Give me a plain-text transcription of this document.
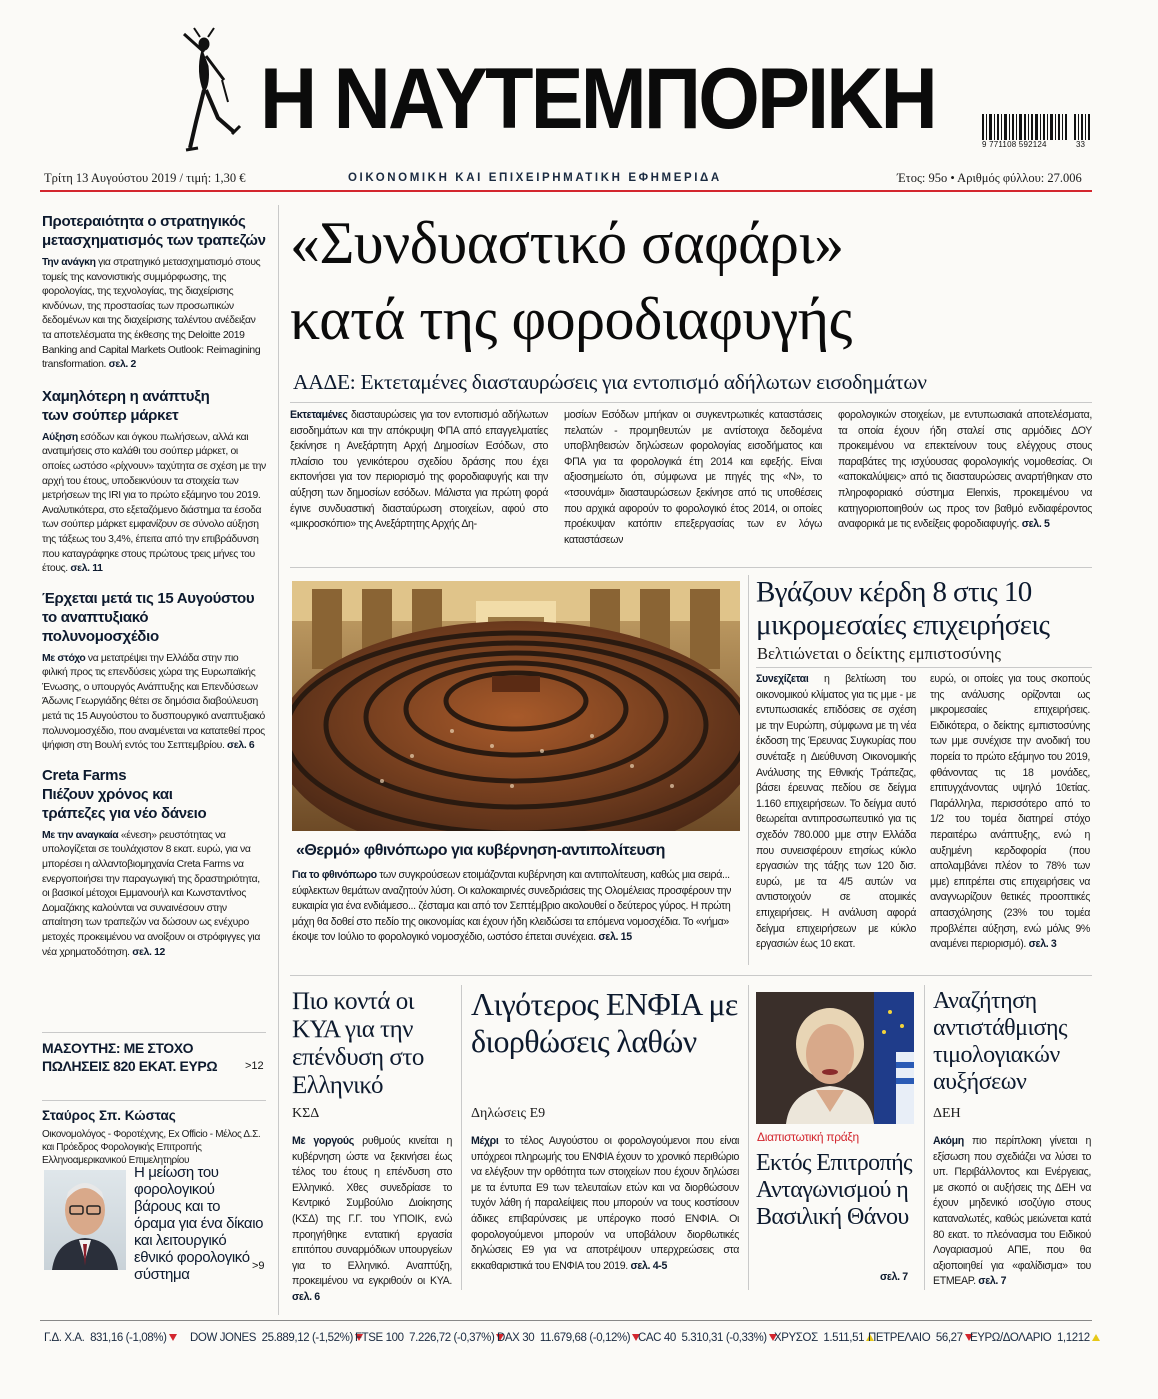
Η ΝΑΥΤΕΜΠΟΡΙΚΗ	9 771108 592124	33
Τρίτη 13 Αυγούστου 2019 / τιμή: 1,30 €	ΟΙΚΟΝΟΜΙΚΗ ΚΑΙ ΕΠΙΧΕΙΡΗΜΑΤΙΚΗ ΕΦΗΜΕΡΙΔΑ	Έτος: 95ο • Αριθμός φύλλου: 27.006
Προτεραιότητα ο στρατηγικός μετασχηματισμός των τραπεζών
Την ανάγκη για στρατηγικό μετασχηματισμό στους τομείς της κανονιστικής συμμόρφωσης, της φορολογίας, της τεχνολογίας, της διαχείρισης κινδύνων, της προστασίας των προσωπικών δεδομένων και της διαχείρισης ταλέντου ανέδειξαν τα αποτελέσματα της έκθεσης της Deloitte 2019 Banking and Capital Markets Outlook: Reimagining transformation. σελ. 2
Χαμηλότερη η ανάπτυξη των σούπερ μάρκετ
Αύξηση εσόδων και όγκου πωλήσεων, αλλά και ανατιμήσεις στο καλάθι του σούπερ μάρκετ, οι οποίες ωστόσο «ρίχνουν» ταχύτητα σε σχέση με την αρχή του έτους, υποδεικνύουν τα στοιχεία των μετρήσεων της IRI για το πρώτο εξάμηνο του 2019. Αναλυτικότερα, στο εξεταζόμενο διάστημα τα έσοδα των σούπερ μάρκετ εμφανίζουν σε σύνολο αύξηση της τάξεως του 3,4%, έπειτα από την επιβράδυνση που καταγράφηκε στους πρώτους τρεις μήνες του έτους. σελ. 11
Έρχεται μετά τις 15 Αυγούστου το αναπτυξιακό πολυνομοσχέδιο
Με στόχο να μετατρέψει την Ελλάδα στην πιο φιλική προς τις επενδύσεις χώρα της Ευρωπαϊκής Ένωσης, ο υπουργός Ανάπτυξης και Επενδύσεων Άδωνις Γεωργιάδης θέτει σε δημόσια διαβούλευση μετά τις 15 Αυγούστου το δυσπουργικό αναπτυξιακό πολυνομοσχέδιο, που αναμένεται να κατατεθεί προς ψήφιση στη Βουλή εντός του Σεπτεμβρίου. σελ. 6
Creta Farms
Πιέζουν χρόνος και τράπεζες για νέο δάνειο
Με την αναγκαία «ένεση» ρευστότητας να υπολογίζεται σε τουλάχιστον 8 εκατ. ευρώ, για να μπορέσει η αλλαντοβιομηχανία Creta Farms να ενεργοποιήσει την παραγωγική της δραστηριότητα, οι βασικοί μέτοχοι Εμμανουήλ και Κωνσταντίνος Δομαζάκης καλούνται να συναινέσουν στην απαίτηση των τραπεζών να δώσουν ως ενέχυρο μετοχές προκειμένου να ανοίξουν οι στρόφιγγες για νέα χρηματοδότηση. σελ. 12
ΜΑΣΟΥΤΗΣ: ΜΕ ΣΤΟΧΟ
ΠΩΛΗΣΕΙΣ 820 ΕΚΑΤ. ΕΥΡΩ	>12
Σταύρος Σπ. Κώστας
Οικονομολόγος - Φοροτέχνης, Ex Officio - Μέλος Δ.Σ. και Πρόεδρος Φορολογικής Επιτροπής Ελληνοαμερικανικού Επιμελητηρίου
Η μείωση του φορολογικού βάρους και το όραμα για ένα δίκαιο και λειτουργικό εθνικό φορολογικό σύστημα	>9
«Συνδυαστικό σαφάρι»
κατά της φοροδιαφυγής
ΑΑΔΕ: Εκτεταμένες διασταυρώσεις για εντοπισμό αδήλωτων εισοδημάτων
Εκτεταμένες διασταυρώσεις για τον εντοπισμό αδήλωτων εισοδημάτων και την απόκρυψη ΦΠΑ από επαγγελματίες ξεκίνησε η Ανεξάρτητη Αρχή Δημοσίων Εσόδων, στο πλαίσιο του γενικότερου σχεδίου δράσης που έχει εκπονήσει για τον περιορισμό της φοροδιαφυγής και την αύξηση των δημοσίων εσόδων. Μάλιστα για πρώτη φορά έγινε συνδυαστική διασταύρωση στοιχείων, αφού στο «μικροσκόπιο» της Ανεξάρτητης Αρχής Δη-
μοσίων Εσόδων μπήκαν οι συγκεντρωτικές καταστάσεις πελατών - προμηθευτών με αντίστοιχα δεδομένα υποβληθεισών δηλώσεων φορολογίας εισοδήματος και ΦΠΑ για τα φορολογικά έτη 2014 και εφεξής. Είναι αξιοσημείωτο ότι, σύμφωνα με πηγές της «Ν», το «τσουνάμι» διασταυρώσεων ξεκίνησε από τις υποθέσεις που αρχικά αφορούν το φορολογικό έτος 2014, οι οποίες προέκυψαν κατόπιν επεξεργασίας των εν λόγω καταστάσεων
φορολογικών στοιχείων, με εντυπωσιακά αποτελέσματα, τα οποία έχουν ήδη σταλεί στις αρμόδιες ΔΟΥ προκειμένου να επεκτείνουν τους ελέγχους στους παραβάτες της ισχύουσας φορολογικής νομοθεσίας. Οι «αποκαλύψεις» από τις διασταυρώσεις αναρτήθηκαν στο πληροφοριακό σύστημα Elenxis, προκειμένου να κατηγοριοποιηθούν ως προς τον βαθμό ενδιαφέροντος αναφορικά με τις ενδείξεις φοροδιαφυγής. σελ. 5
«Θερμό» φθινόπωρο για κυβέρνηση-αντιπολίτευση
Για το φθινόπωρο των συγκρούσεων ετοιμάζονται κυβέρνηση και αντιπολίτευση, καθώς μια σειρά... εύφλεκτων θεμάτων αναζητούν λύση. Οι καλοκαιρινές συνεδριάσεις της Ολομέλειας προσφέρουν την ευκαιρία για ένα ενδιάμεσο... ζέσταμα και από τον Σεπτέμβριο ακολουθεί ο δεύτερος γύρος. Η πρώτη μάχη θα δοθεί στο πεδίο της οικονομίας και έχουν ήδη κλειδώσει τα επόμενα νομοσχέδια. Το «νήμα» έκοψε τον Ιούλιο το φορολογικό νομοσχέδιο, ωστόσο έπεται συνέχεια. σελ. 15
Βγάζουν κέρδη 8 στις 10 μικρομεσαίες επιχειρήσεις
Βελτιώνεται ο δείκτης εμπιστοσύνης
Συνεχίζεται η βελτίωση του οικονομικού κλίματος για τις μμε - με εντυπωσιακές επιδόσεις σε σχέση με την Ευρώπη, σύμφωνα με τη νέα έκδοση της Έρευνας Συγκυρίας που συνέταξε η Διεύθυνση Οικονομικής Ανάλυσης της Εθνικής Τράπεζας, βάσει έρευνας πεδίου σε δείγμα 1.160 επιχειρήσεων. Το δείγμα αυτό θεωρείται αντιπροσωπευτικό για τις σχεδόν 780.000 μμε στην Ελλάδα που συνεισφέρουν ετησίως κύκλο εργασιών της τάξης των 120 δισ. ευρώ, με τα 4/5 αυτών να αντιστοιχούν σε ατομικές επιχειρήσεις. Η ανάλυση αφορά δείγμα επιχειρήσεων με κύκλο εργασιών έως 10 εκατ.
ευρώ, οι οποίες για τους σκοπούς της ανάλυσης ορίζονται ως μικρομεσαίες επιχειρήσεις. Ειδικότερα, ο δείκτης εμπιστοσύνης των μμε συνέχισε την ανοδική του πορεία το πρώτο εξάμηνο του 2019, φθάνοντας τις 18 μονάδες, επιτυγχάνοντας υψηλό 10ετίας. Παράλληλα, περισσότερο από το 1/2 του τομέα διατηρεί στόχο περαιτέρω ανάπτυξης, ενώ η αυξημένη κερδοφορία (που απολαμβάνει πλέον το 78% των μμε) επιτρέπει στις επιχειρήσεις να αναγνωρίζουν θετικές προοπτικές απασχόλησης (23% του τομέα προβλέπει αύξηση, ενώ μόλις 9% αναμένει περιορισμό). σελ. 3
Πιο κοντά οι ΚΥΑ για την επένδυση στο Ελληνικό
ΚΣΔ
Με γοργούς ρυθμούς κινείται η κυβέρνηση ώστε να ξεκινήσει έως τέλος του έτους η επένδυση στο Ελληνικό. Χθες συνεδρίασε το Κεντρικό Συμβούλιο Διοίκησης (ΚΣΔ) της Γ.Γ. του ΥΠΟΙΚ, ενώ προηγήθηκε εντατική εργασία επιτόπου συναρμόδιων υπουργείων για το Ελληνικό. Αναπτύξη, προκειμένου να εγκριθούν οι ΚΥΑ. σελ. 6
Λιγότερος ΕΝΦΙΑ με διορθώσεις λαθών
Δηλώσεις Ε9
Μέχρι το τέλος Αυγούστου οι φορολογούμενοι που είναι υπόχρεοι πληρωμής του ΕΝΦΙΑ έχουν το χρονικό περιθώριο να ελέγξουν την ορθότητα των στοιχείων που έχουν δηλώσει με τα έντυπα Ε9 των τελευταίων ετών και να διορθώσουν τυχόν λάθη ή παραλείψεις που μπορούν να τους κοστίσουν άδικες επιβαρύνσεις με υπέρογκο ποσό ΕΝΦΙΑ. Οι φορολογούμενοι μπορούν να υποβάλουν διορθωτικές δηλώσεις Ε9 για να αποτρέψουν υπερχρεώσεις στα εκκαθαριστικά του ΕΝΦΙΑ του 2019. σελ. 4-5
Διαπιστωτική πράξη
Εκτός Επιτροπής Ανταγωνισμού η Βασιλική Θάνου
σελ. 7
Αναζήτηση αντιστάθμισης τιμολογιακών αυξήσεων
ΔΕΗ
Ακόμη πιο περίπλοκη γίνεται η εξίσωση που σχεδιάζει να λύσει το υπ. Περιβάλλοντος και Ενέργειας, με σκοπό οι αυξήσεις της ΔΕΗ να έχουν μηδενικό ισοζύγιο στους καταναλωτές, καθώς μειώνεται κατά 80 εκατ. το πλεόνασμα του Ειδικού Λογαριασμού ΑΠΕ, που θα αξιοποιηθεί για «φαλίδισμα» του ΕΤΜΕΑΡ. σελ. 7
Γ.Δ. Χ.Α. 831,16 (-1,08%)	DOW JONES 25.889,12 (-1,52%) FTSE 100 7.226,72 (-0,37%) DAX 30 11.679,68 (-0,12%) CAC 40 5.310,31 (-0,33%) ΧΡΥΣΟΣ 1.511,51 ΠΕΤΡΕΛΑΙΟ 56,27 ΕΥΡΩ/ΔΟΛΑΡΙΟ 1,1212
